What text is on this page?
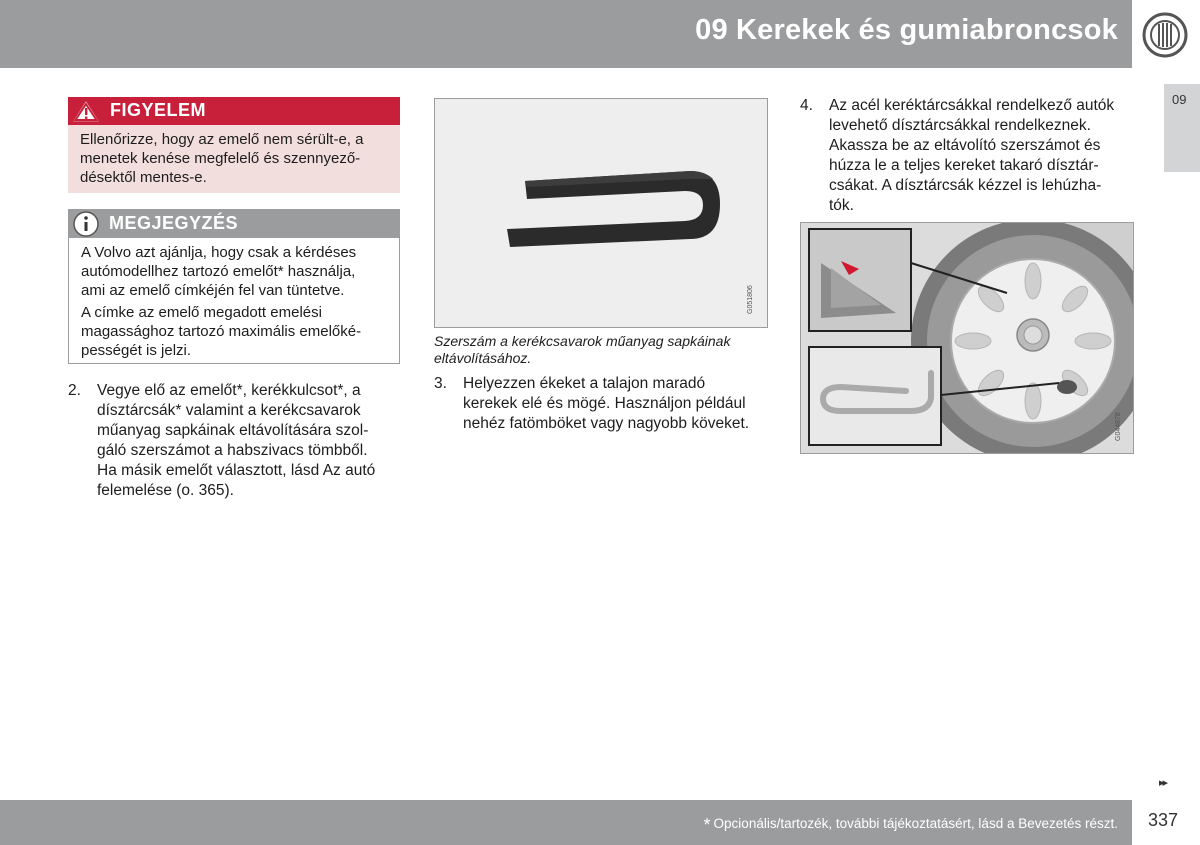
09 Kerekek és gumiabroncsok
09
FIGYELEM
Ellenőrizze, hogy az emelő nem sérült-e, a
menetek kenése megfelelő és szennyező-
désektől mentes-e.
MEGJEGYZÉS
A Volvo azt ajánlja, hogy csak a kérdéses
autómodellhez tartozó emelőt* használja,
ami az emelő címkéjén fel van tüntetve.
A címke az emelő megadott emelési
magassághoz tartozó maximális emelőké-
pességét is jelzi.
2. Vegye elő az emelőt*, kerékkulcsot*, a
dísztárcsák* valamint a kerékcsavarok
műanyag sapkáinak eltávolítására szol-
gáló szerszámot a habszivacs tömbből.
Ha másik emelőt választott, lásd Az autó
felemelése (o. 365).
G051806
Szerszám a kerékcsavarok műanyag sapkáinak
eltávolításához.
3. Helyezzen ékeket a talajon maradó
kerekek elé és mögé. Használjon például
nehéz fatömböket vagy nagyobb köveket.
4. Az acél keréktárcsákkal rendelkező autók
levehető dísztárcsákkal rendelkeznek.
Akassza be az eltávolító szerszámot és
húzza le a teljes kereket takaró dísztár-
csákat. A dísztárcsák kézzel is lehúzha-
tók.
G044878
* Opcionális/tartozék, további tájékoztatásért, lásd a Bevezetés részt. 337
▸▸
